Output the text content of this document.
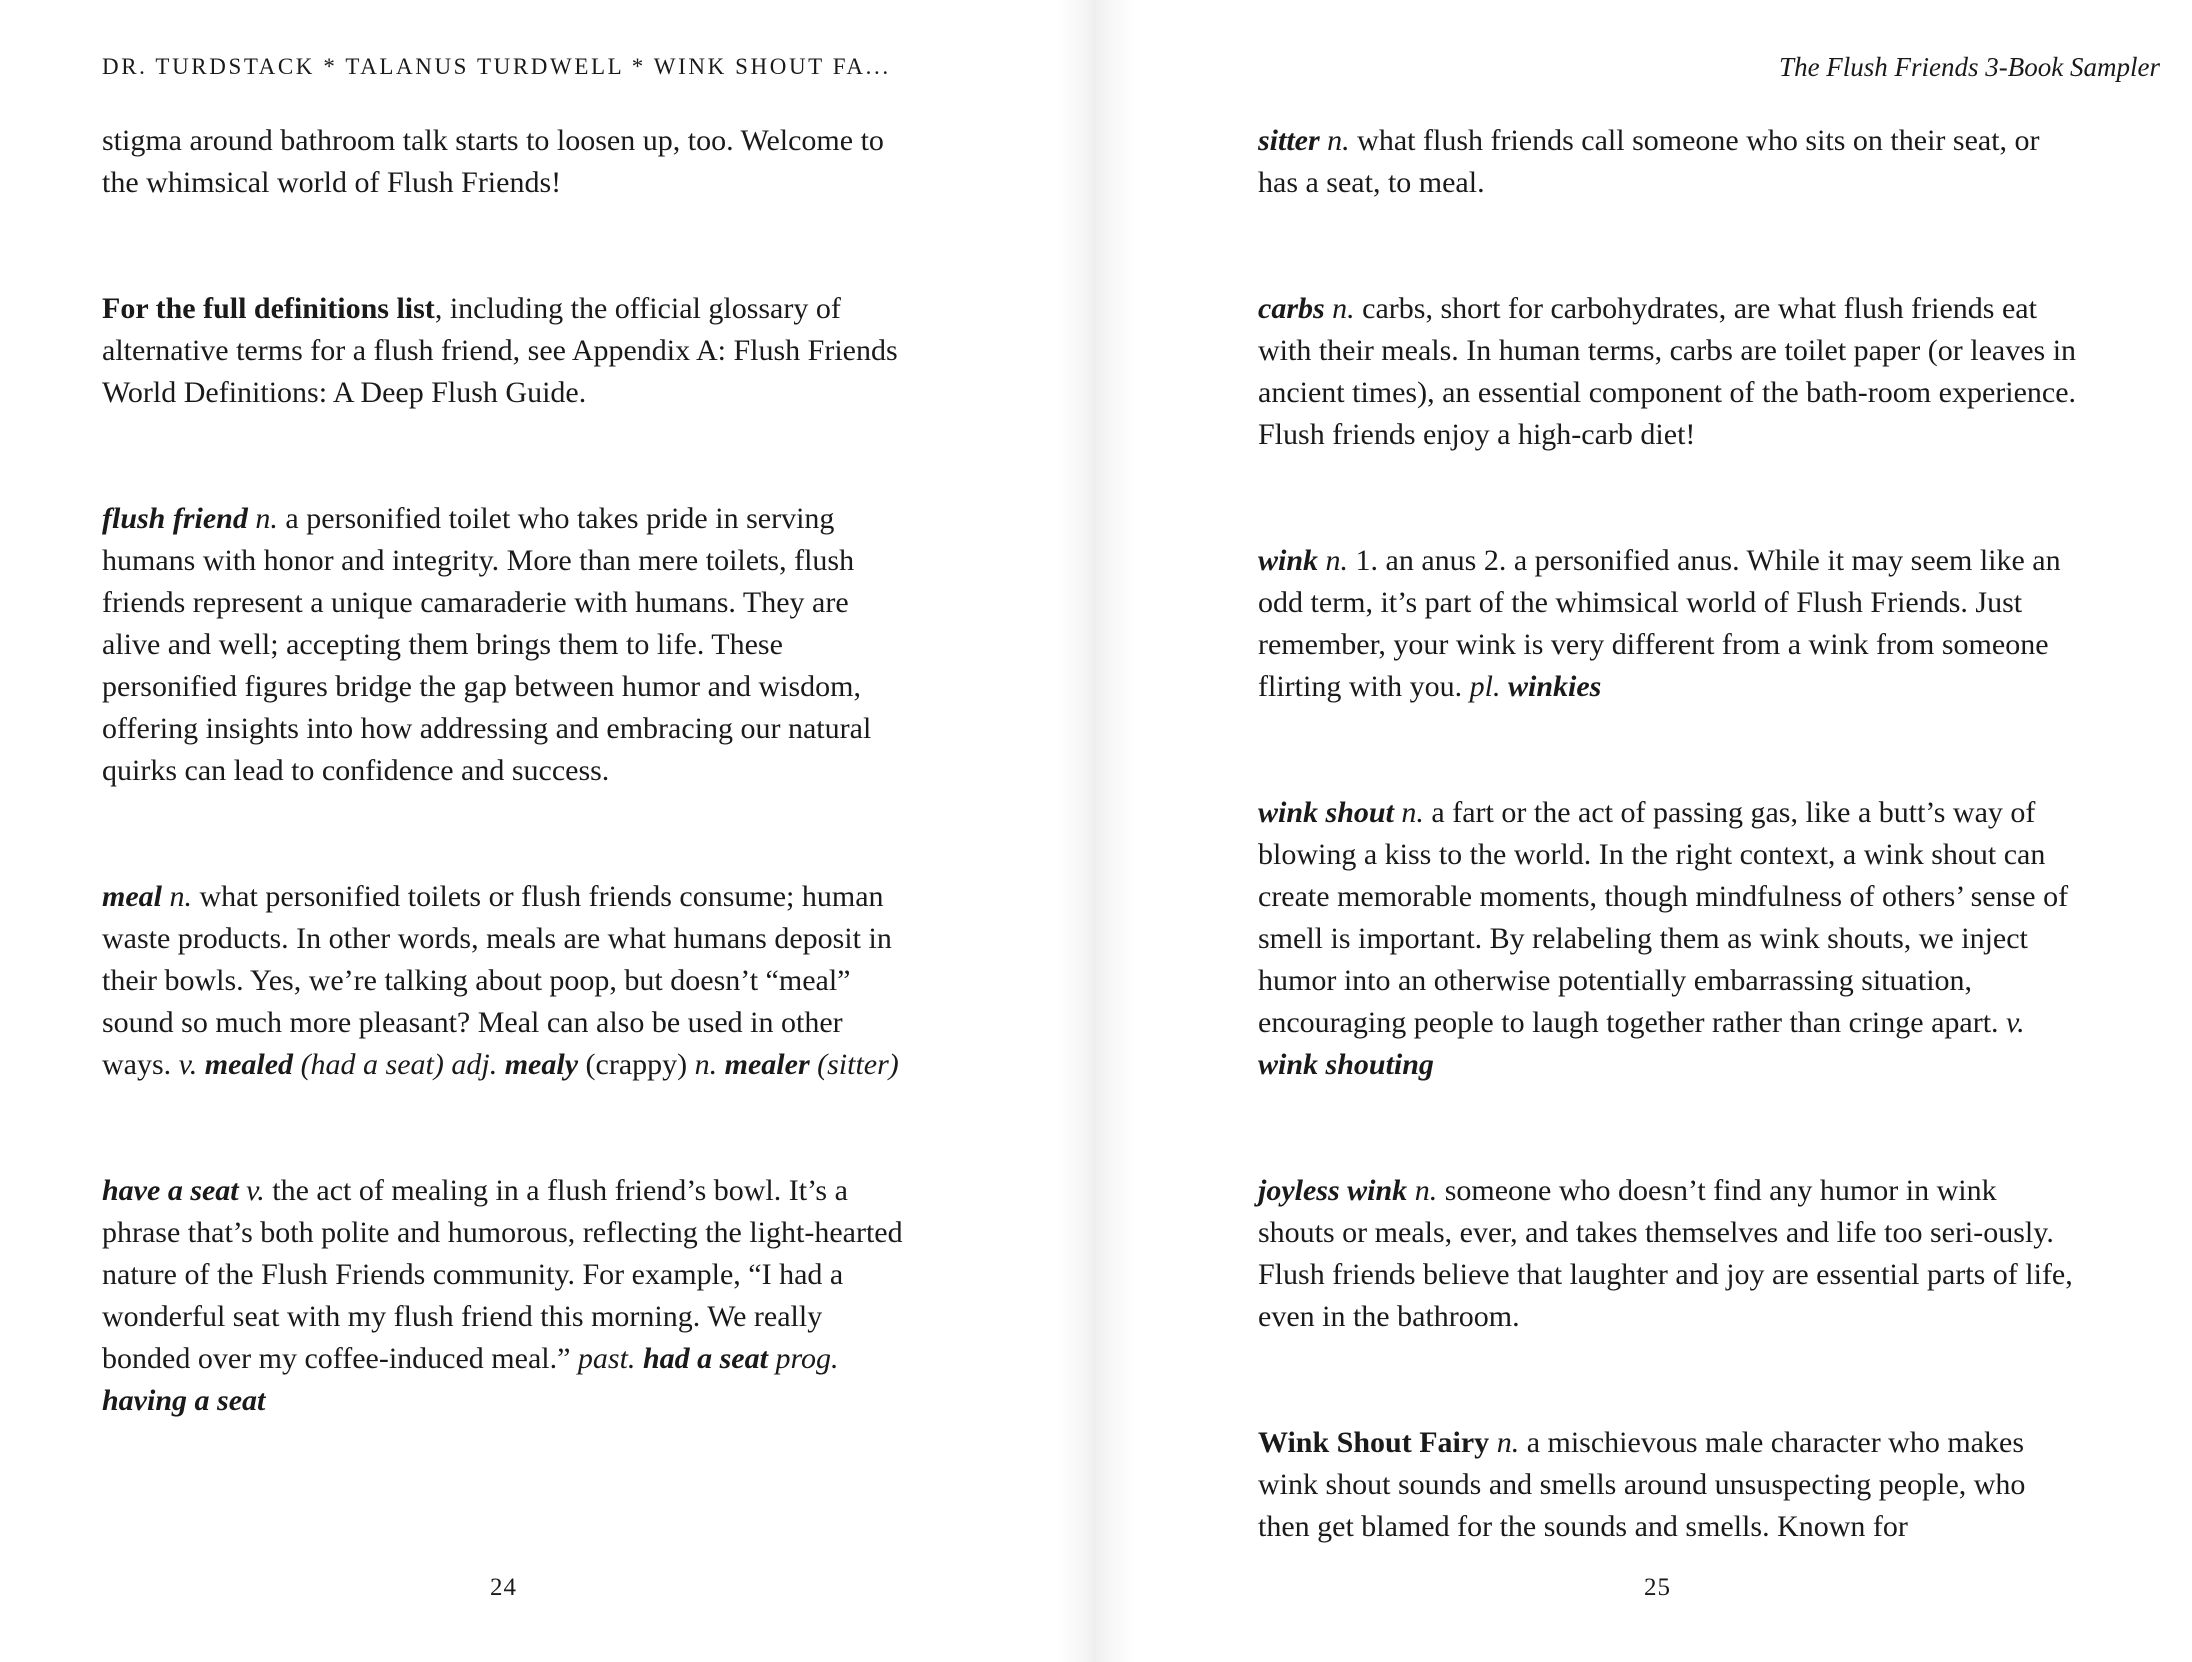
DR. TURDSTACK * TALANUS TURDWELL * WINK SHOUT FA...

stigma around bathroom talk starts to loosen up, too. Welcome to the whimsical world of Flush Friends!

For the full definitions list, including the official glossary of alternative terms for a flush friend, see Appendix A: Flush Friends World Definitions: A Deep Flush Guide.

flush friend n. a personified toilet who takes pride in serving humans with honor and integrity. More than mere toilets, flush friends represent a unique camaraderie with humans. They are alive and well; accepting them brings them to life. These personified figures bridge the gap between humor and wisdom, offering insights into how addressing and embracing our natural quirks can lead to confidence and success.

meal n. what personified toilets or flush friends consume; human waste products. In other words, meals are what humans deposit in their bowls. Yes, we’re talking about poop, but doesn’t “meal” sound so much more pleasant? Meal can also be used in other ways. v. mealed (had a seat) adj. mealy (crappy) n. mealer (sitter)

have a seat v. the act of mealing in a flush friend’s bowl. It’s a phrase that’s both polite and humorous, reflecting the light-hearted nature of the Flush Friends community. For example, “I had a wonderful seat with my flush friend this morning. We really bonded over my coffee-induced meal.” past. had a seat prog. having a seat

24
The Flush Friends 3-Book Sampler

sitter n. what flush friends call someone who sits on their seat, or has a seat, to meal.

carbs n. carbs, short for carbohydrates, are what flush friends eat with their meals. In human terms, carbs are toilet paper (or leaves in ancient times), an essential component of the bath-room experience. Flush friends enjoy a high-carb diet!

wink n. 1. an anus 2. a personified anus. While it may seem like an odd term, it’s part of the whimsical world of Flush Friends. Just remember, your wink is very different from a wink from someone flirting with you. pl. winkies

wink shout n. a fart or the act of passing gas, like a butt’s way of blowing a kiss to the world. In the right context, a wink shout can create memorable moments, though mindfulness of others’ sense of smell is important. By relabeling them as wink shouts, we inject humor into an otherwise potentially embarrassing situation, encouraging people to laugh together rather than cringe apart. v. wink shouting

joyless wink n. someone who doesn’t find any humor in wink shouts or meals, ever, and takes themselves and life too seri-ously. Flush friends believe that laughter and joy are essential parts of life, even in the bathroom.

Wink Shout Fairy n. a mischievous male character who makes wink shout sounds and smells around unsuspecting people, who then get blamed for the sounds and smells. Known for

25
